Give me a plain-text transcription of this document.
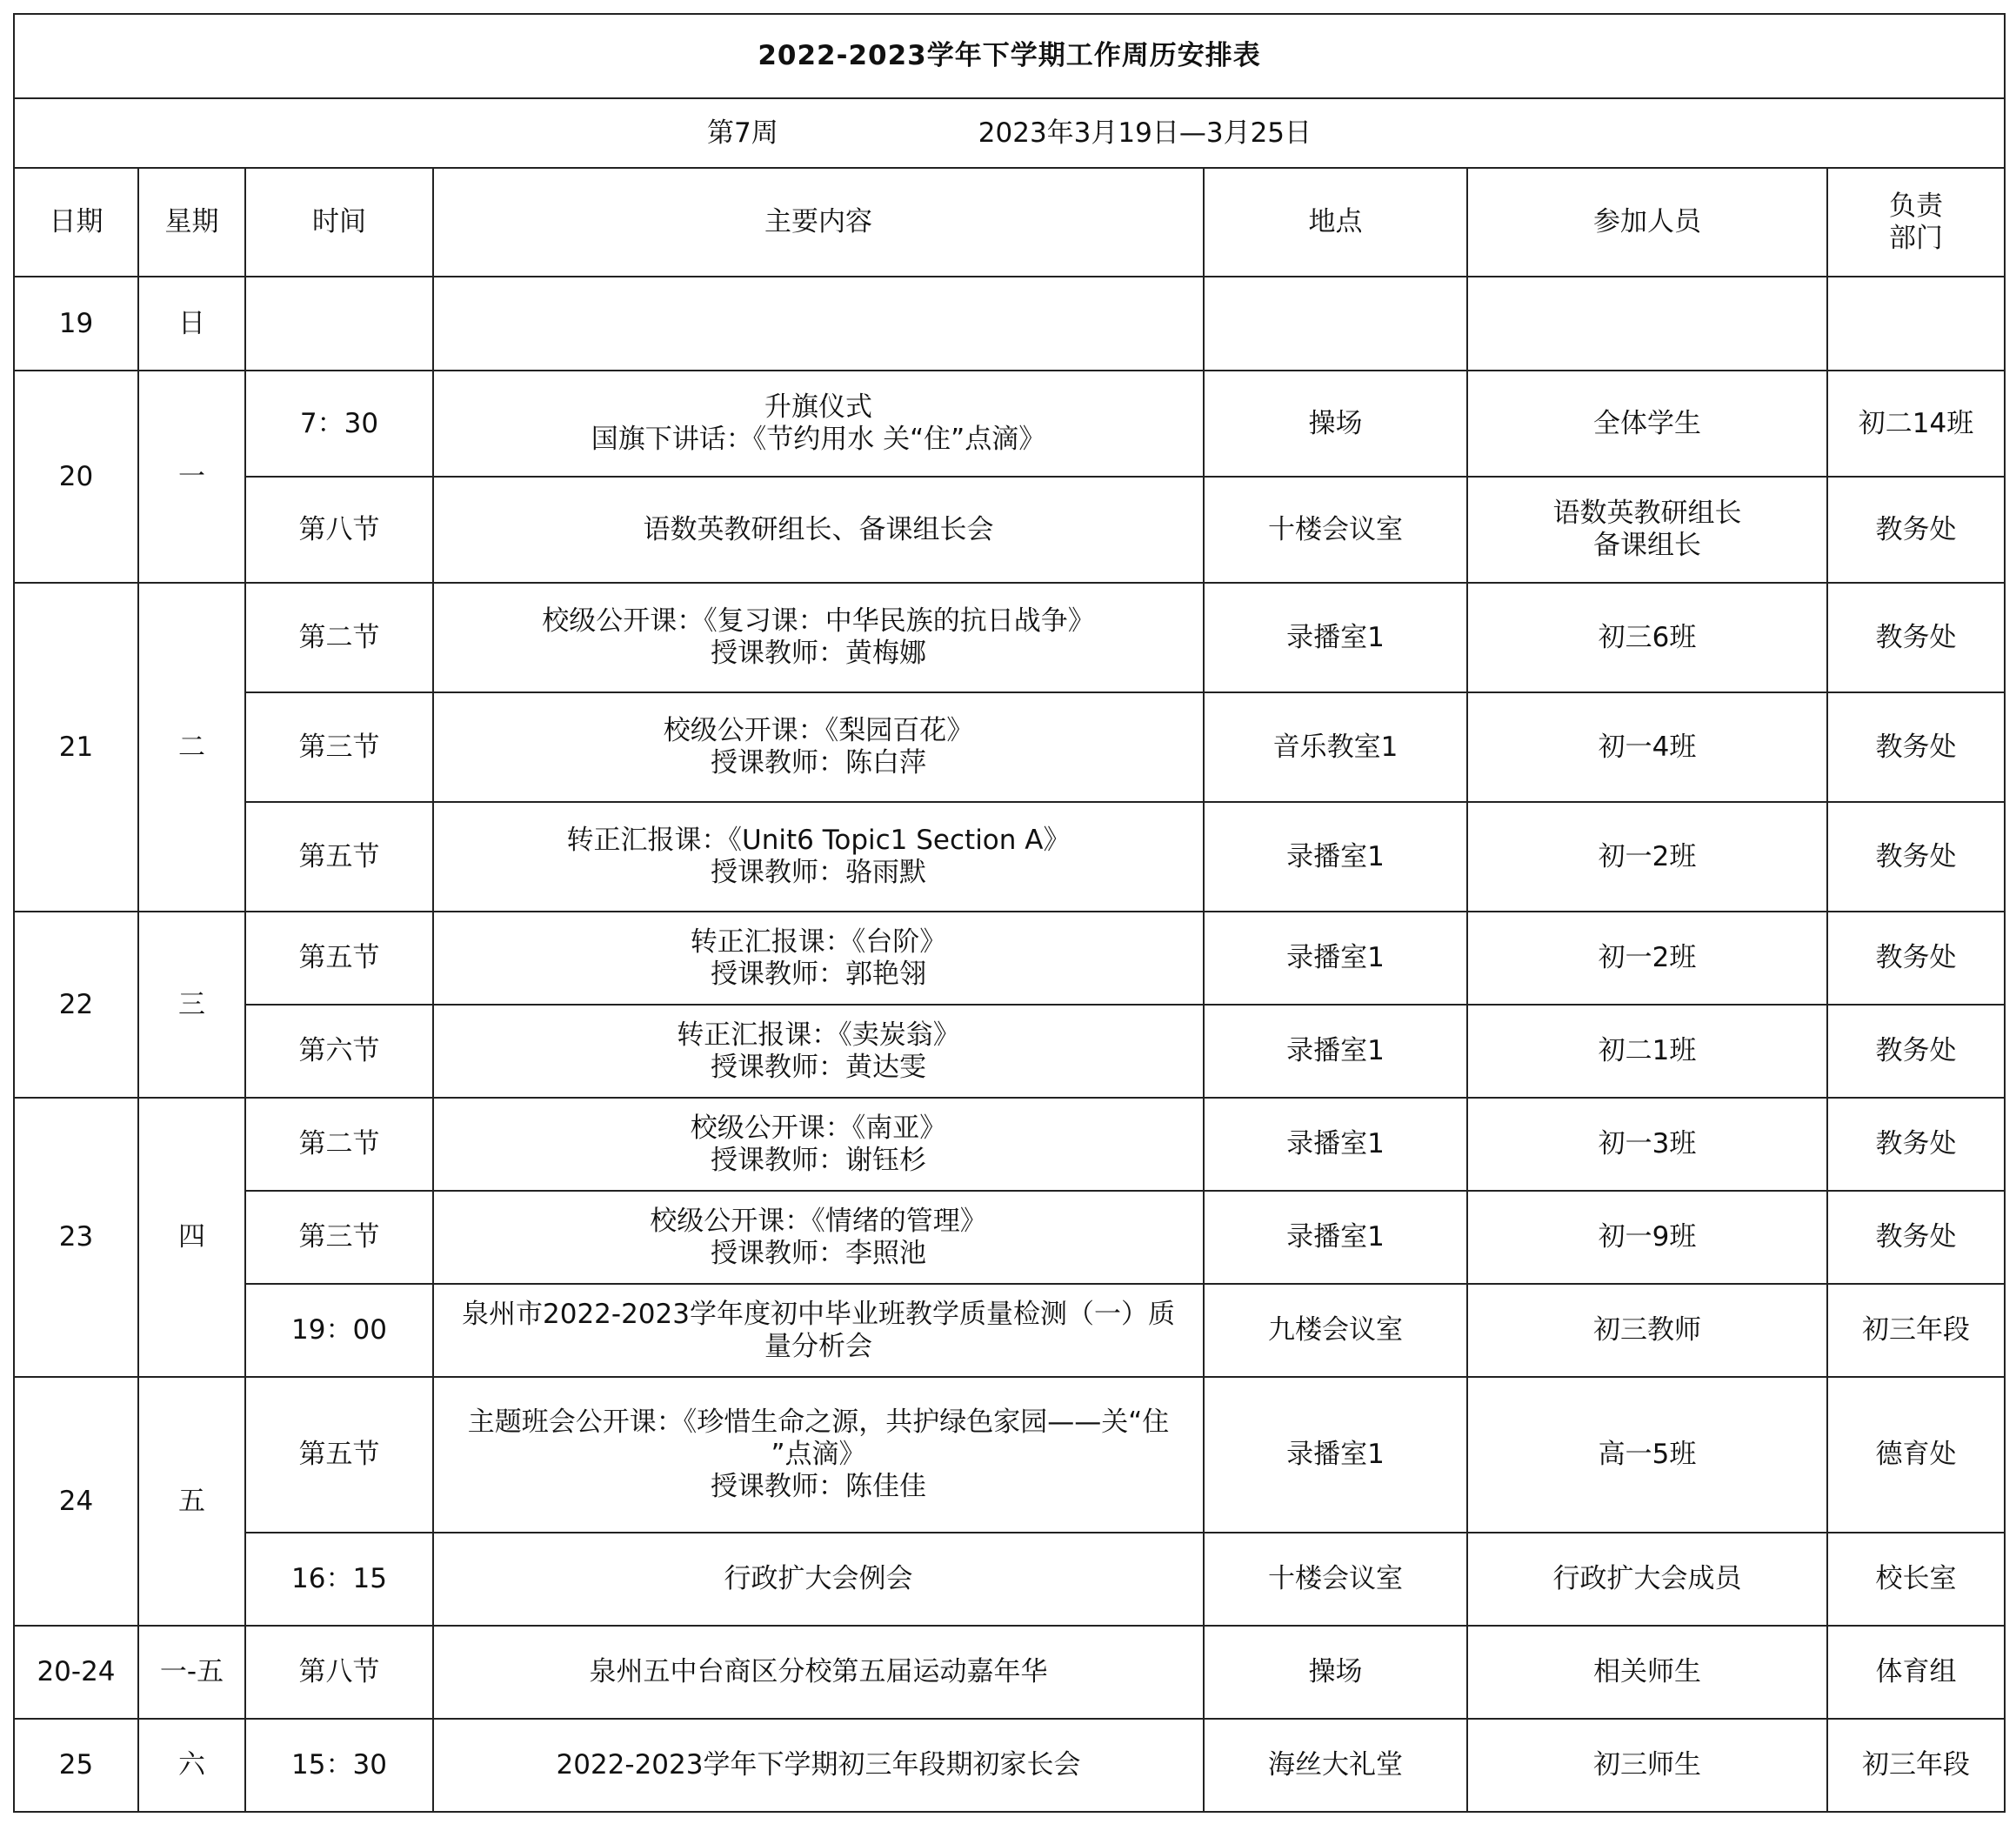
2022-2023学年下学期工作周历安排表						
第7周 2023年3月19日—3月25日						
日期	星期	时间	主要内容	地点	参加人员	负责
部门

19	日					
20	一	7：30	升旗仪式
国旗下讲话：《节约用水 关“住”点滴》	操场	全体学生	初二14班
		第八节	语数英教研组长、备课组长会	十楼会议室	语数英教研组长
备课组长	教务处
21	二	第二节	校级公开课：《复习课：中华民族的抗日战争》
授课教师：黄梅娜	录播室1	初三6班	教务处
		第三节	校级公开课：《梨园百花》
授课教师：陈白萍	音乐教室1	初一4班	教务处
		第五节	转正汇报课：《Unit6 Topic1 Section A》
授课教师：骆雨默	录播室1	初一2班	教务处
22	三	第五节	转正汇报课：《台阶》
授课教师：郭艳翎	录播室1	初一2班	教务处
		第六节	转正汇报课：《卖炭翁》
授课教师：黄达雯	录播室1	初二1班	教务处
23	四	第二节	校级公开课：《南亚》
授课教师：谢钰杉	录播室1	初一3班	教务处
		第三节	校级公开课：《情绪的管理》
授课教师：李照池	录播室1	初一9班	教务处
		19：00	泉州市2022-2023学年度初中毕业班教学质量检测（一）质
量分析会	九楼会议室	初三教师	初三年段
24	五	第五节	主题班会公开课：《珍惜生命之源，共护绿色家园——关“住
”点滴》
授课教师：陈佳佳	录播室1	高一5班	德育处
		16：15	行政扩大会例会	十楼会议室	行政扩大会成员	校长室
20-24	一-五	第八节	泉州五中台商区分校第五届运动嘉年华	操场	相关师生	体育组
25	六	15：30	2022-2023学年下学期初三年段期初家长会	海丝大礼堂	初三师生	初三年段
